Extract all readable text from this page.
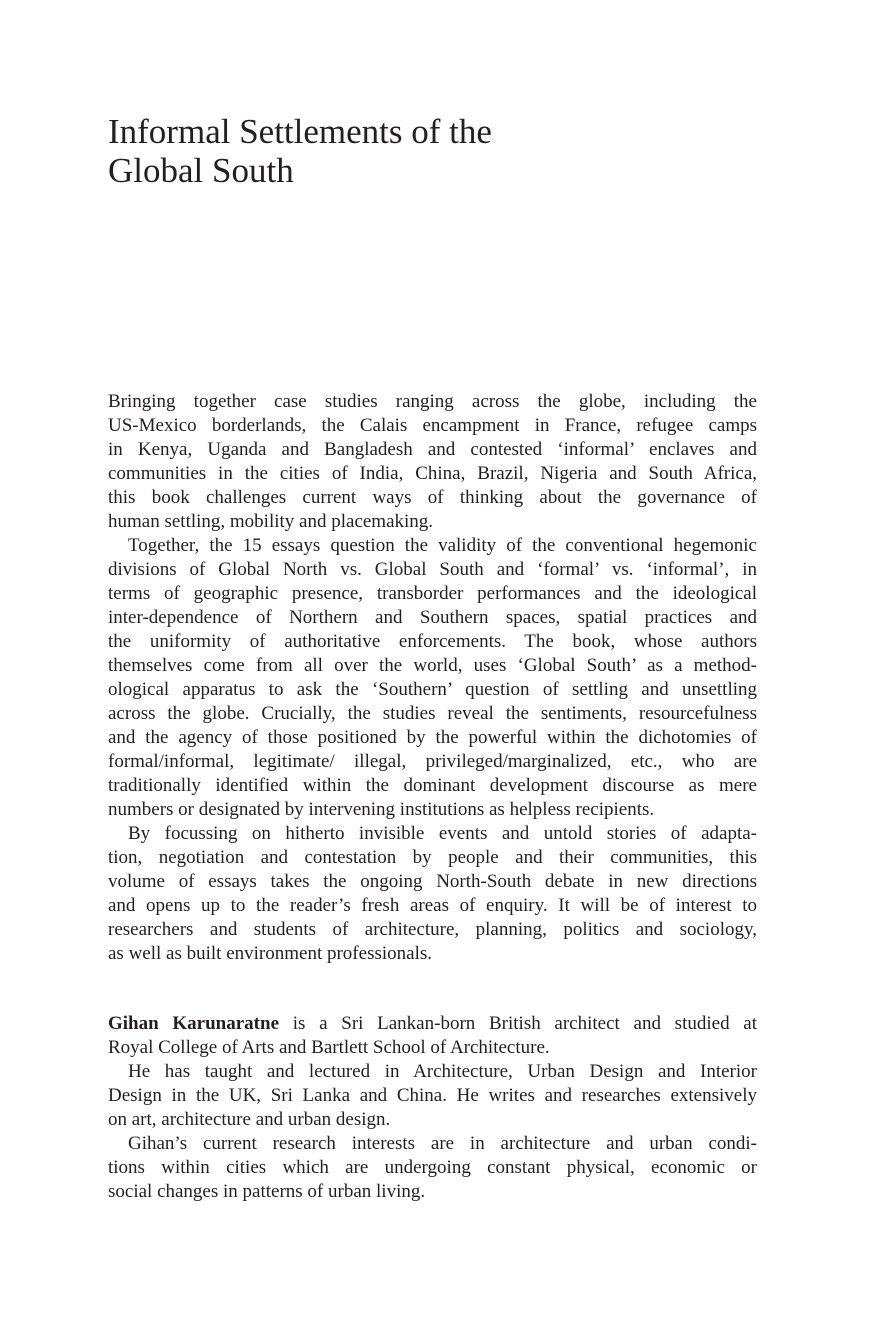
Informal Settlements of the
Global South
Bringing together case studies ranging across the globe, including the
US-Mexico borderlands, the Calais encampment in France, refugee camps
in Kenya, Uganda and Bangladesh and contested ‘informal’ enclaves and
communities in the cities of India, China, Brazil, Nigeria and South Africa,
this book challenges current ways of thinking about the governance of
human settling, mobility and placemaking.
Together, the 15 essays question the validity of the conventional hegemonic
divisions of Global North vs. Global South and ‘formal’ vs. ‘informal’, in
terms of geographic presence, transborder performances and the ideological
inter-dependence of Northern and Southern spaces, spatial practices and
the uniformity of authoritative enforcements. The book, whose authors
themselves come from all over the world, uses ‘Global South’ as a method-
ological apparatus to ask the ‘Southern’ question of settling and unsettling
across the globe. Crucially, the studies reveal the sentiments, resourcefulness
and the agency of those positioned by the powerful within the dichotomies of
formal/informal, legitimate/ illegal, privileged/marginalized, etc., who are
traditionally identified within the dominant development discourse as mere
numbers or designated by intervening institutions as helpless recipients.
By focussing on hitherto invisible events and untold stories of adapta-
tion, negotiation and contestation by people and their communities, this
volume of essays takes the ongoing North-South debate in new directions
and opens up to the reader’s fresh areas of enquiry. It will be of interest to
researchers and students of architecture, planning, politics and sociology,
as well as built environment professionals.
Gihan Karunaratne is a Sri Lankan-born British architect and studied at
Royal College of Arts and Bartlett School of Architecture.
He has taught and lectured in Architecture, Urban Design and Interior
Design in the UK, Sri Lanka and China. He writes and researches extensively
on art, architecture and urban design.
Gihan’s current research interests are in architecture and urban condi-
tions within cities which are undergoing constant physical, economic or
social changes in patterns of urban living.
